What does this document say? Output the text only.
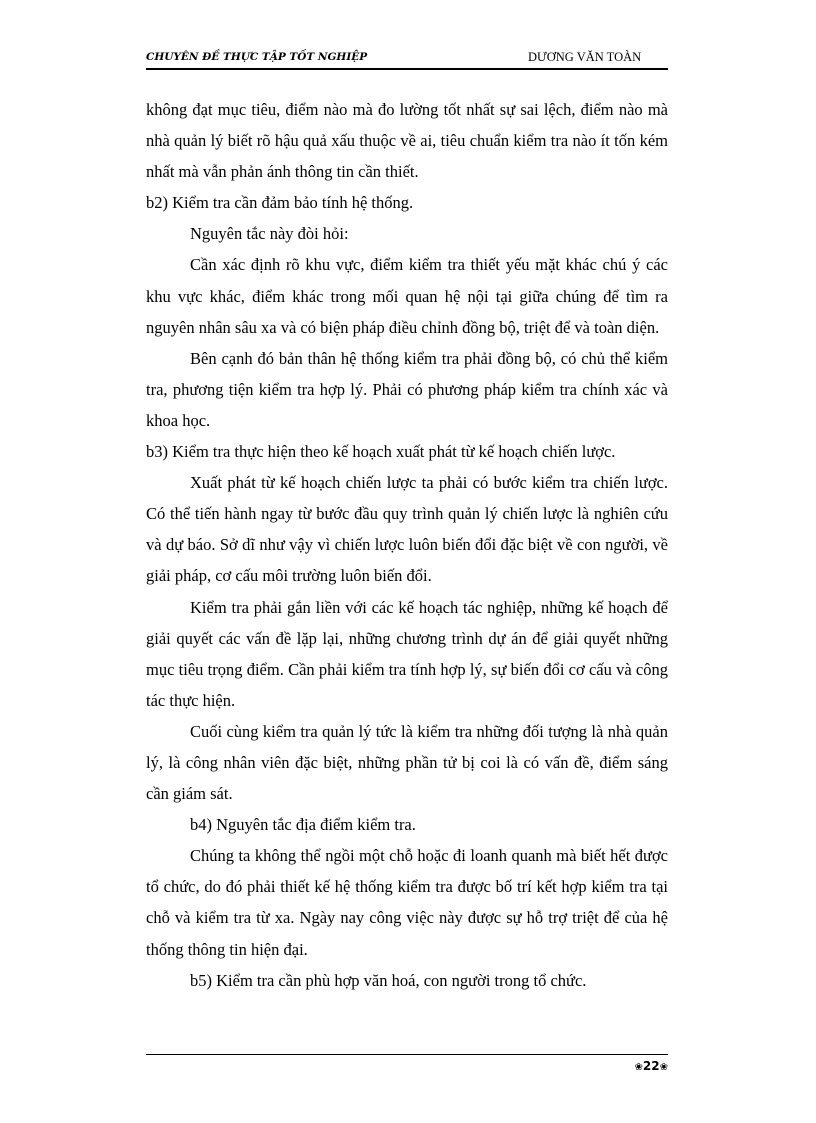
CHUYÊN ĐỀ THỰC TẬP TỐT NGHIỆP	DƯƠNG VĂN TOÀN

không đạt mục tiêu, điểm nào mà đo lường tốt nhất sự sai lệch, điểm nào mà nhà quản lý biết rõ hậu quả xấu thuộc về ai, tiêu chuẩn kiểm tra nào ít tốn kém nhất mà vẫn phản ánh thông tin cần thiết.

b2) Kiểm tra cần đảm bảo tính hệ thống.

Nguyên tắc này đòi hỏi:

Cần xác định rõ khu vực, điểm kiểm tra thiết yếu mặt khác chú ý các khu vực khác, điểm khác trong mối quan hệ nội tại giữa chúng để tìm ra nguyên nhân sâu xa và có biện pháp điều chỉnh đồng bộ, triệt để và toàn diện.

Bên cạnh đó bản thân hệ thống kiểm tra phải đồng bộ, có chủ thể kiểm tra, phương tiện kiểm tra hợp lý. Phải có phương pháp kiểm tra chính xác và khoa học.

b3) Kiểm tra thực hiện theo kế hoạch xuất phát từ kế hoạch chiến lược.

Xuất phát từ kế hoạch chiến lược ta phải có bước kiểm tra chiến lược. Có thể tiến hành ngay từ bước đầu quy trình quản lý chiến lược là nghiên cứu và dự báo. Sở dĩ như vậy vì chiến lược luôn biến đổi đặc biệt về con người, về giải pháp, cơ cấu môi trường luôn biến đổi.

Kiểm tra phải gắn liền với các kế hoạch tác nghiệp, những kế hoạch để giải quyết các vấn đề lặp lại, những chương trình dự án để giải quyết những mục tiêu trọng điểm. Cần phải kiểm tra tính hợp lý, sự biến đổi cơ cấu và công tác thực hiện.

Cuối cùng kiểm tra quản lý tức là kiểm tra những đối tượng là nhà quản lý, là công nhân viên đặc biệt, những phần tử bị coi là có vấn đề, điểm sáng cần giám sát.

b4) Nguyên tắc địa điểm kiểm tra.

Chúng ta không thể ngồi một chỗ hoặc đi loanh quanh mà biết hết được tổ chức, do đó phải thiết kế hệ thống kiểm tra được bố trí kết hợp kiểm tra tại chỗ và kiểm tra từ xa. Ngày nay công việc này được sự hỗ trợ triệt để của hệ thống thông tin hiện đại.

b5) Kiểm tra cần phù hợp văn hoá, con người trong tổ chức.

❀22❀
